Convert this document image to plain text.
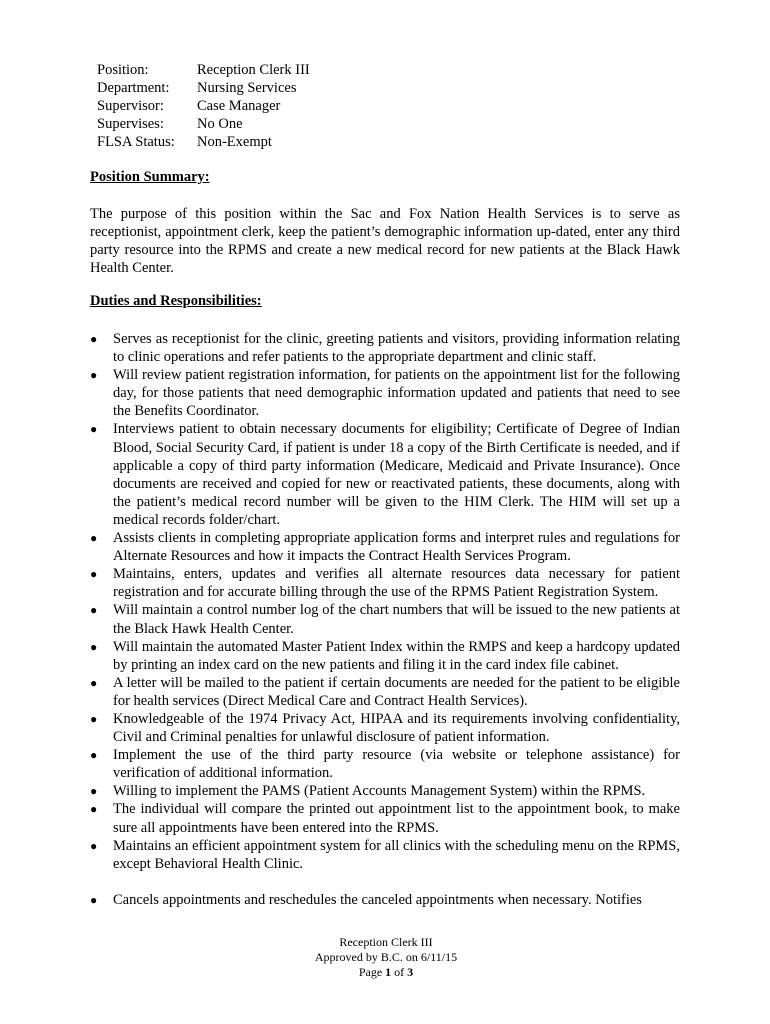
Position:	Reception Clerk III
Department:	Nursing Services
Supervisor:	Case Manager
Supervises:	No One
FLSA Status:	Non-Exempt
Position Summary:
The purpose of this position within the Sac and Fox Nation Health Services is to serve as receptionist, appointment clerk, keep the patient’s demographic information up-dated, enter any third party resource into the RPMS and create a new medical record for new patients at the Black Hawk Health Center.
Duties and Responsibilities:
● Serves as receptionist for the clinic, greeting patients and visitors, providing information relating to clinic operations and refer patients to the appropriate department and clinic staff.
● Will review patient registration information, for patients on the appointment list for the following day, for those patients that need demographic information updated and patients that need to see the Benefits Coordinator.
● Interviews patient to obtain necessary documents for eligibility; Certificate of Degree of Indian Blood, Social Security Card, if patient is under 18 a copy of the Birth Certificate is needed, and if applicable a copy of third party information (Medicare, Medicaid and Private Insurance). Once documents are received and copied for new or reactivated patients, these documents, along with the patient’s medical record number will be given to the HIM Clerk. The HIM will set up a medical records folder/chart.
● Assists clients in completing appropriate application forms and interpret rules and regulations for Alternate Resources and how it impacts the Contract Health Services Program.
● Maintains, enters, updates and verifies all alternate resources data necessary for patient registration and for accurate billing through the use of the RPMS Patient Registration System.
● Will maintain a control number log of the chart numbers that will be issued to the new patients at the Black Hawk Health Center.
● Will maintain the automated Master Patient Index within the RMPS and keep a hardcopy updated by printing an index card on the new patients and filing it in the card index file cabinet.
● A letter will be mailed to the patient if certain documents are needed for the patient to be eligible for health services (Direct Medical Care and Contract Health Services).
● Knowledgeable of the 1974 Privacy Act, HIPAA and its requirements involving confidentiality, Civil and Criminal penalties for unlawful disclosure of patient information.
● Implement the use of the third party resource (via website or telephone assistance) for verification of additional information.
● Willing to implement the PAMS (Patient Accounts Management System) within the RPMS.
● The individual will compare the printed out appointment list to the appointment book, to make sure all appointments have been entered into the RPMS.
● Maintains an efficient appointment system for all clinics with the scheduling menu on the RPMS, except Behavioral Health Clinic.
● Cancels appointments and reschedules the canceled appointments when necessary. Notifies
Reception Clerk III
Approved by B.C. on 6/11/15
Page 1 of 3
